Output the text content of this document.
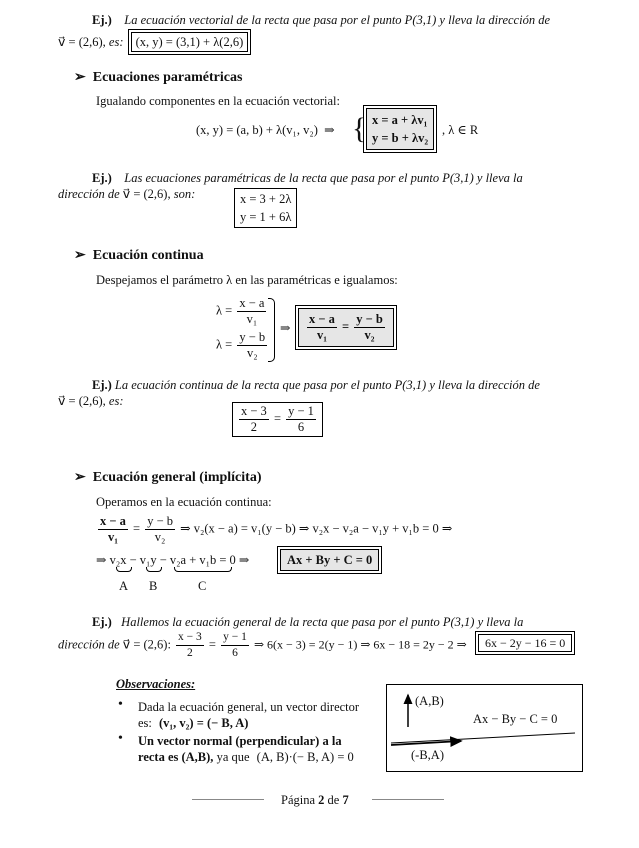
Ej.) La ecuación vectorial de la recta que pasa por el punto P(3,1) y lleva la dirección de
v⃗ = (2,6), es: (x, y) = (3,1) + λ(2,6)
➢ Ecuaciones paramétricas
Igualando componentes en la ecuación vectorial:
(x, y) = (a, b) + λ(v₁, v₂) ⇒ { x = a + λv₁
y = b + λv₂
, λ ∈ R
Ej.) Las ecuaciones paramétricas de la recta que pasa por el punto P(3,1) y lleva la
dirección de v⃗ = (2,6), son:	x = 3 + 2λ
y = 1 + 6λ
➢ Ecuación continua
Despejamos el parámetro λ en las paramétricas e igualamos:
$\lambda = \frac{x - a}{\text{v₁}}$
$\lambda = \frac{y - b}{\text{v₂}}$
⇒ $\frac{x - a}{\text{v₁}} = \frac{y - b}{\text{v₂}}$
Ej.) La ecuación continua de la recta que pasa por el punto P(3,1) y lleva la dirección de
v⃗ = (2,6), es:
$\frac{x - 3}{2} = \frac{y - 1}{6}$
➢ Ecuación general (implícita)
Operamos en la ecuación continua:
$\frac{x - a}{\text{v₁}} = \frac{y - b}{\text{v₂}}$ ⇒ v₂(x − a) = v₁(y − b) ⇒ v₂x − v₂a − v₁y + v₁b = 0 ⇒
⇒ v₂x − v₁y − v₂a + v₁b = 0 ⇒	Ax + By + C = 0
A B	C
Ej.) Hallemos la ecuación general de la recta que pasa por el punto P(3,1) y lleva la
dirección de v⃗ = (2,6): $\frac{x - 3}{2} = \frac{y - 1}{6}$ ⇒ 6(x − 3) = 2(y − 1) ⇒ 6x − 18 = 2y − 2 ⇒	6x − 2y − 16 = 0
Observaciones:
• Dada la ecuación general, un vector director
es: (v₁, v₂) = (− B, A)
• Un vector normal (perpendicular) a la
recta es (A,B), ya que (A, B)·(− B, A) = 0
(A,B)
Ax − By − C = 0
(-B,A)
Página 2 de 7
